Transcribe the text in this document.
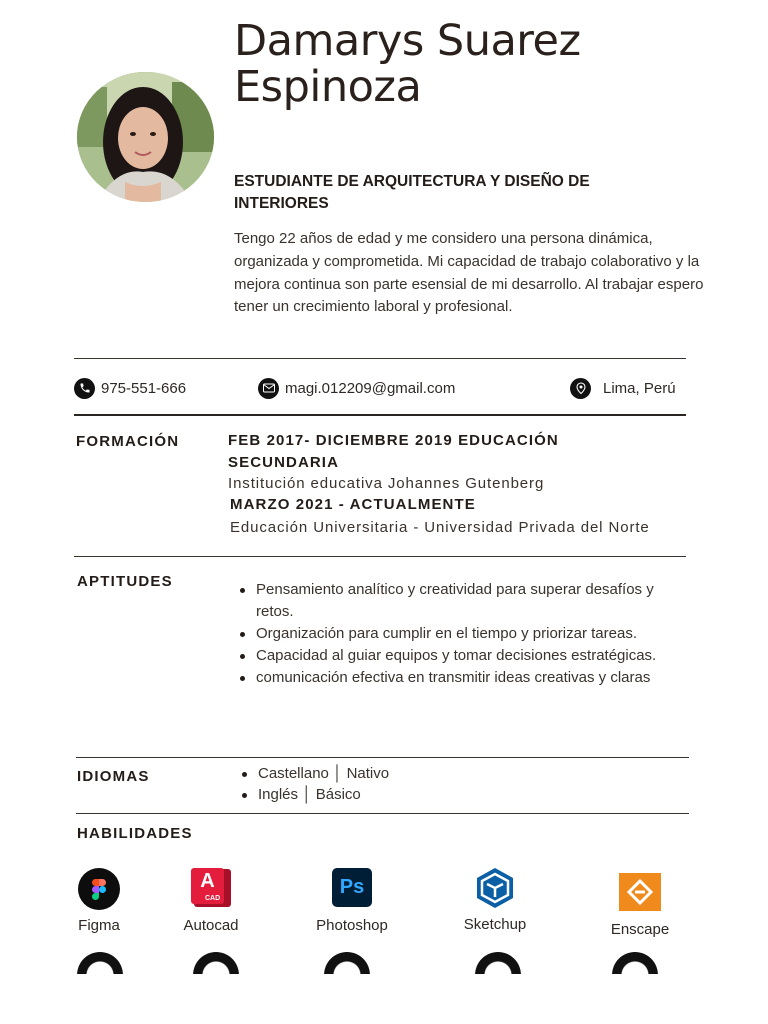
Damarys Suarez
Espinoza
ESTUDIANTE DE ARQUITECTURA Y DISEÑO DE INTERIORES
Tengo 22 años de edad y me considero una persona dinámica, organizada y comprometida. Mi capacidad de trabajo colaborativo y la mejora continua son parte esensial de mi desarrollo. Al trabajar espero tener un crecimiento laboral y profesional.
975-551-666	magi.012209@gmail.com	Lima, Perú
FORMACIÓN	FEB 2017- DICIEMBRE 2019 EDUCACIÓN SECUNDARIA
Institución educativa Johannes Gutenberg
MARZO 2021 - ACTUALMENTE
Educación Universitaria - Universidad Privada del Norte
APTITUDES	Pensamiento analítico y creatividad para superar desafíos y retos.
Organización para cumplir en el tiempo y priorizar tareas.
Capacidad al guiar equipos y tomar decisiones estratégicas.
comunicación efectiva en transmitir ideas creativas y claras
IDIOMAS	Castellano │ Nativo
Inglés │ Básico
HABILIDADES
Figma
A
CAD
Autocad
Ps
Photoshop	Sketchup	Enscape
